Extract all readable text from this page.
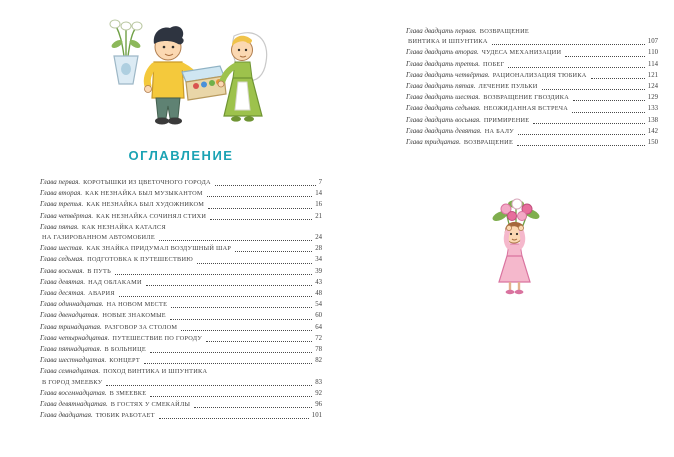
ОГЛАВЛЕНИЕ
Глава первая. КОРОТЫШКИ ИЗ ЦВЕТОЧНОГО ГОРОДА	7
Глава вторая. КАК НЕЗНАЙКА БЫЛ МУЗЫКАНТОМ	14
Глава третья. КАК НЕЗНАЙКА БЫЛ ХУДОЖНИКОМ	16
Глава четвёртая. КАК НЕЗНАЙКА СОЧИНЯЛ СТИХИ	21
Глава пятая. КАК НЕЗНАЙКА КАТАЛСЯ
НА ГАЗИРОВАННОМ АВТОМОБИЛЕ	24
Глава шестая. КАК ЗНАЙКА ПРИДУМАЛ ВОЗДУШНЫЙ ШАР	28
Глава седьмая. ПОДГОТОВКА К ПУТЕШЕСТВИЮ	34
Глава восьмая. В ПУТЬ	39
Глава девятая. НАД ОБЛАКАМИ	43
Глава десятая. АВАРИЯ	48
Глава одиннадцатая. НА НОВОМ МЕСТЕ	54
Глава двенадцатая. НОВЫЕ ЗНАКОМЫЕ	60
Глава тринадцатая. РАЗГОВОР ЗА СТОЛОМ	64
Глава четырнадцатая. ПУТЕШЕСТВИЕ ПО ГОРОДУ	72
Глава пятнадцатая. В БОЛЬНИЦЕ	78
Глава шестнадцатая. КОНЦЕРТ	82
Глава семнадцатая. ПОХОД ВИНТИКА И ШПУНТИКА
В ГОРОД ЗМЕЕВКУ	83
Глава восемнадцатая. В ЗМЕЕВКЕ	92
Глава девятнадцатая. В ГОСТЯХ У СМЕКАЙЛЫ	96
Глава двадцатая. ТЮБИК РАБОТАЕТ	101
Глава двадцать первая. ВОЗВРАЩЕНИЕ
ВИНТИКА И ШПУНТИКА	107
Глава двадцать вторая. ЧУДЕСА МЕХАНИЗАЦИИ	110
Глава двадцать третья. ПОБЕГ	114
Глава двадцать четвёртая. РАЦИОНАЛИЗАЦИЯ ТЮБИКА	121
Глава двадцать пятая. ЛЕЧЕНИЕ ПУЛЬКИ	124
Глава двадцать шестая. ВОЗВРАЩЕНИЕ ГВОЗДИКА	129
Глава двадцать седьмая. НЕОЖИДАННАЯ ВСТРЕЧА	133
Глава двадцать восьмая. ПРИМИРЕНИЕ	138
Глава двадцать девятая. НА БАЛУ	142
Глава тридцатая. ВОЗВРАЩЕНИЕ	150
